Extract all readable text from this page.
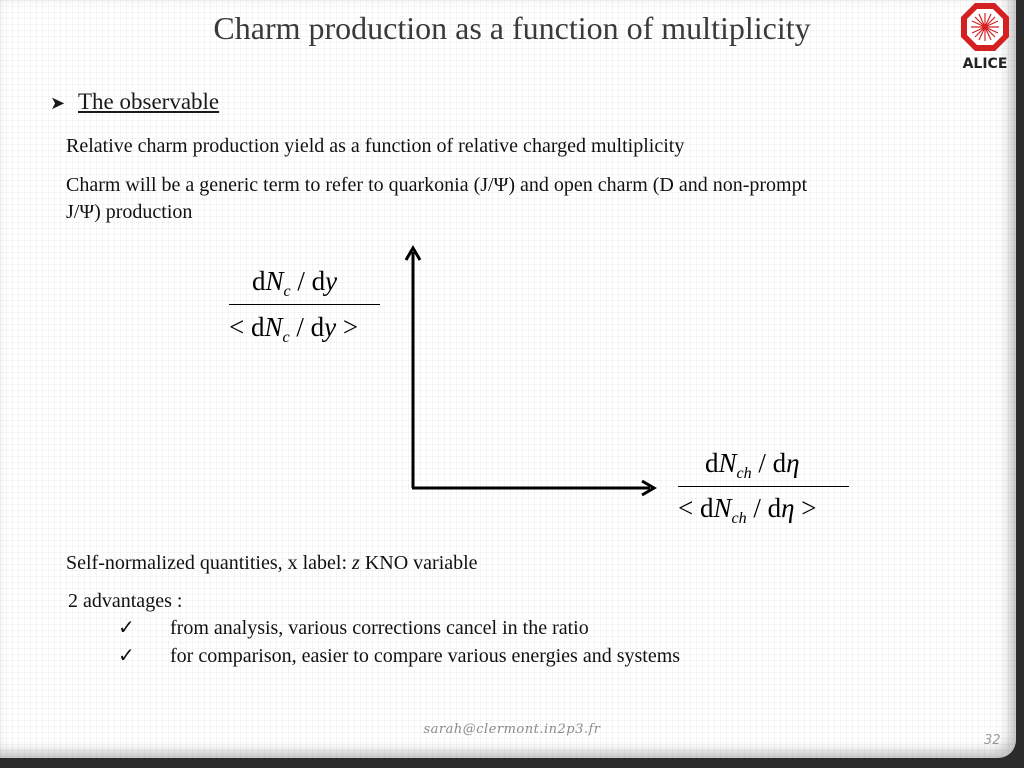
Charm production as a function of multiplicity
ALICE
➤ The observable
Relative charm production yield as a function of relative charged multiplicity
Charm will be a generic term to refer to quarkonia (J/Ψ) and open charm (D and non-prompt
J/Ψ) production
$dN_c$ / dy
< $dN_c$ / dy >
$dN_{ch}$ / dη
< $dN_{ch}$ / dη >
Self-normalized quantities, x label: z KNO variable
2 advantages :
✓ from analysis, various corrections cancel in the ratio
✓ for comparison, easier to compare various energies and systems
sarah@clermont.in2p3.fr
32
